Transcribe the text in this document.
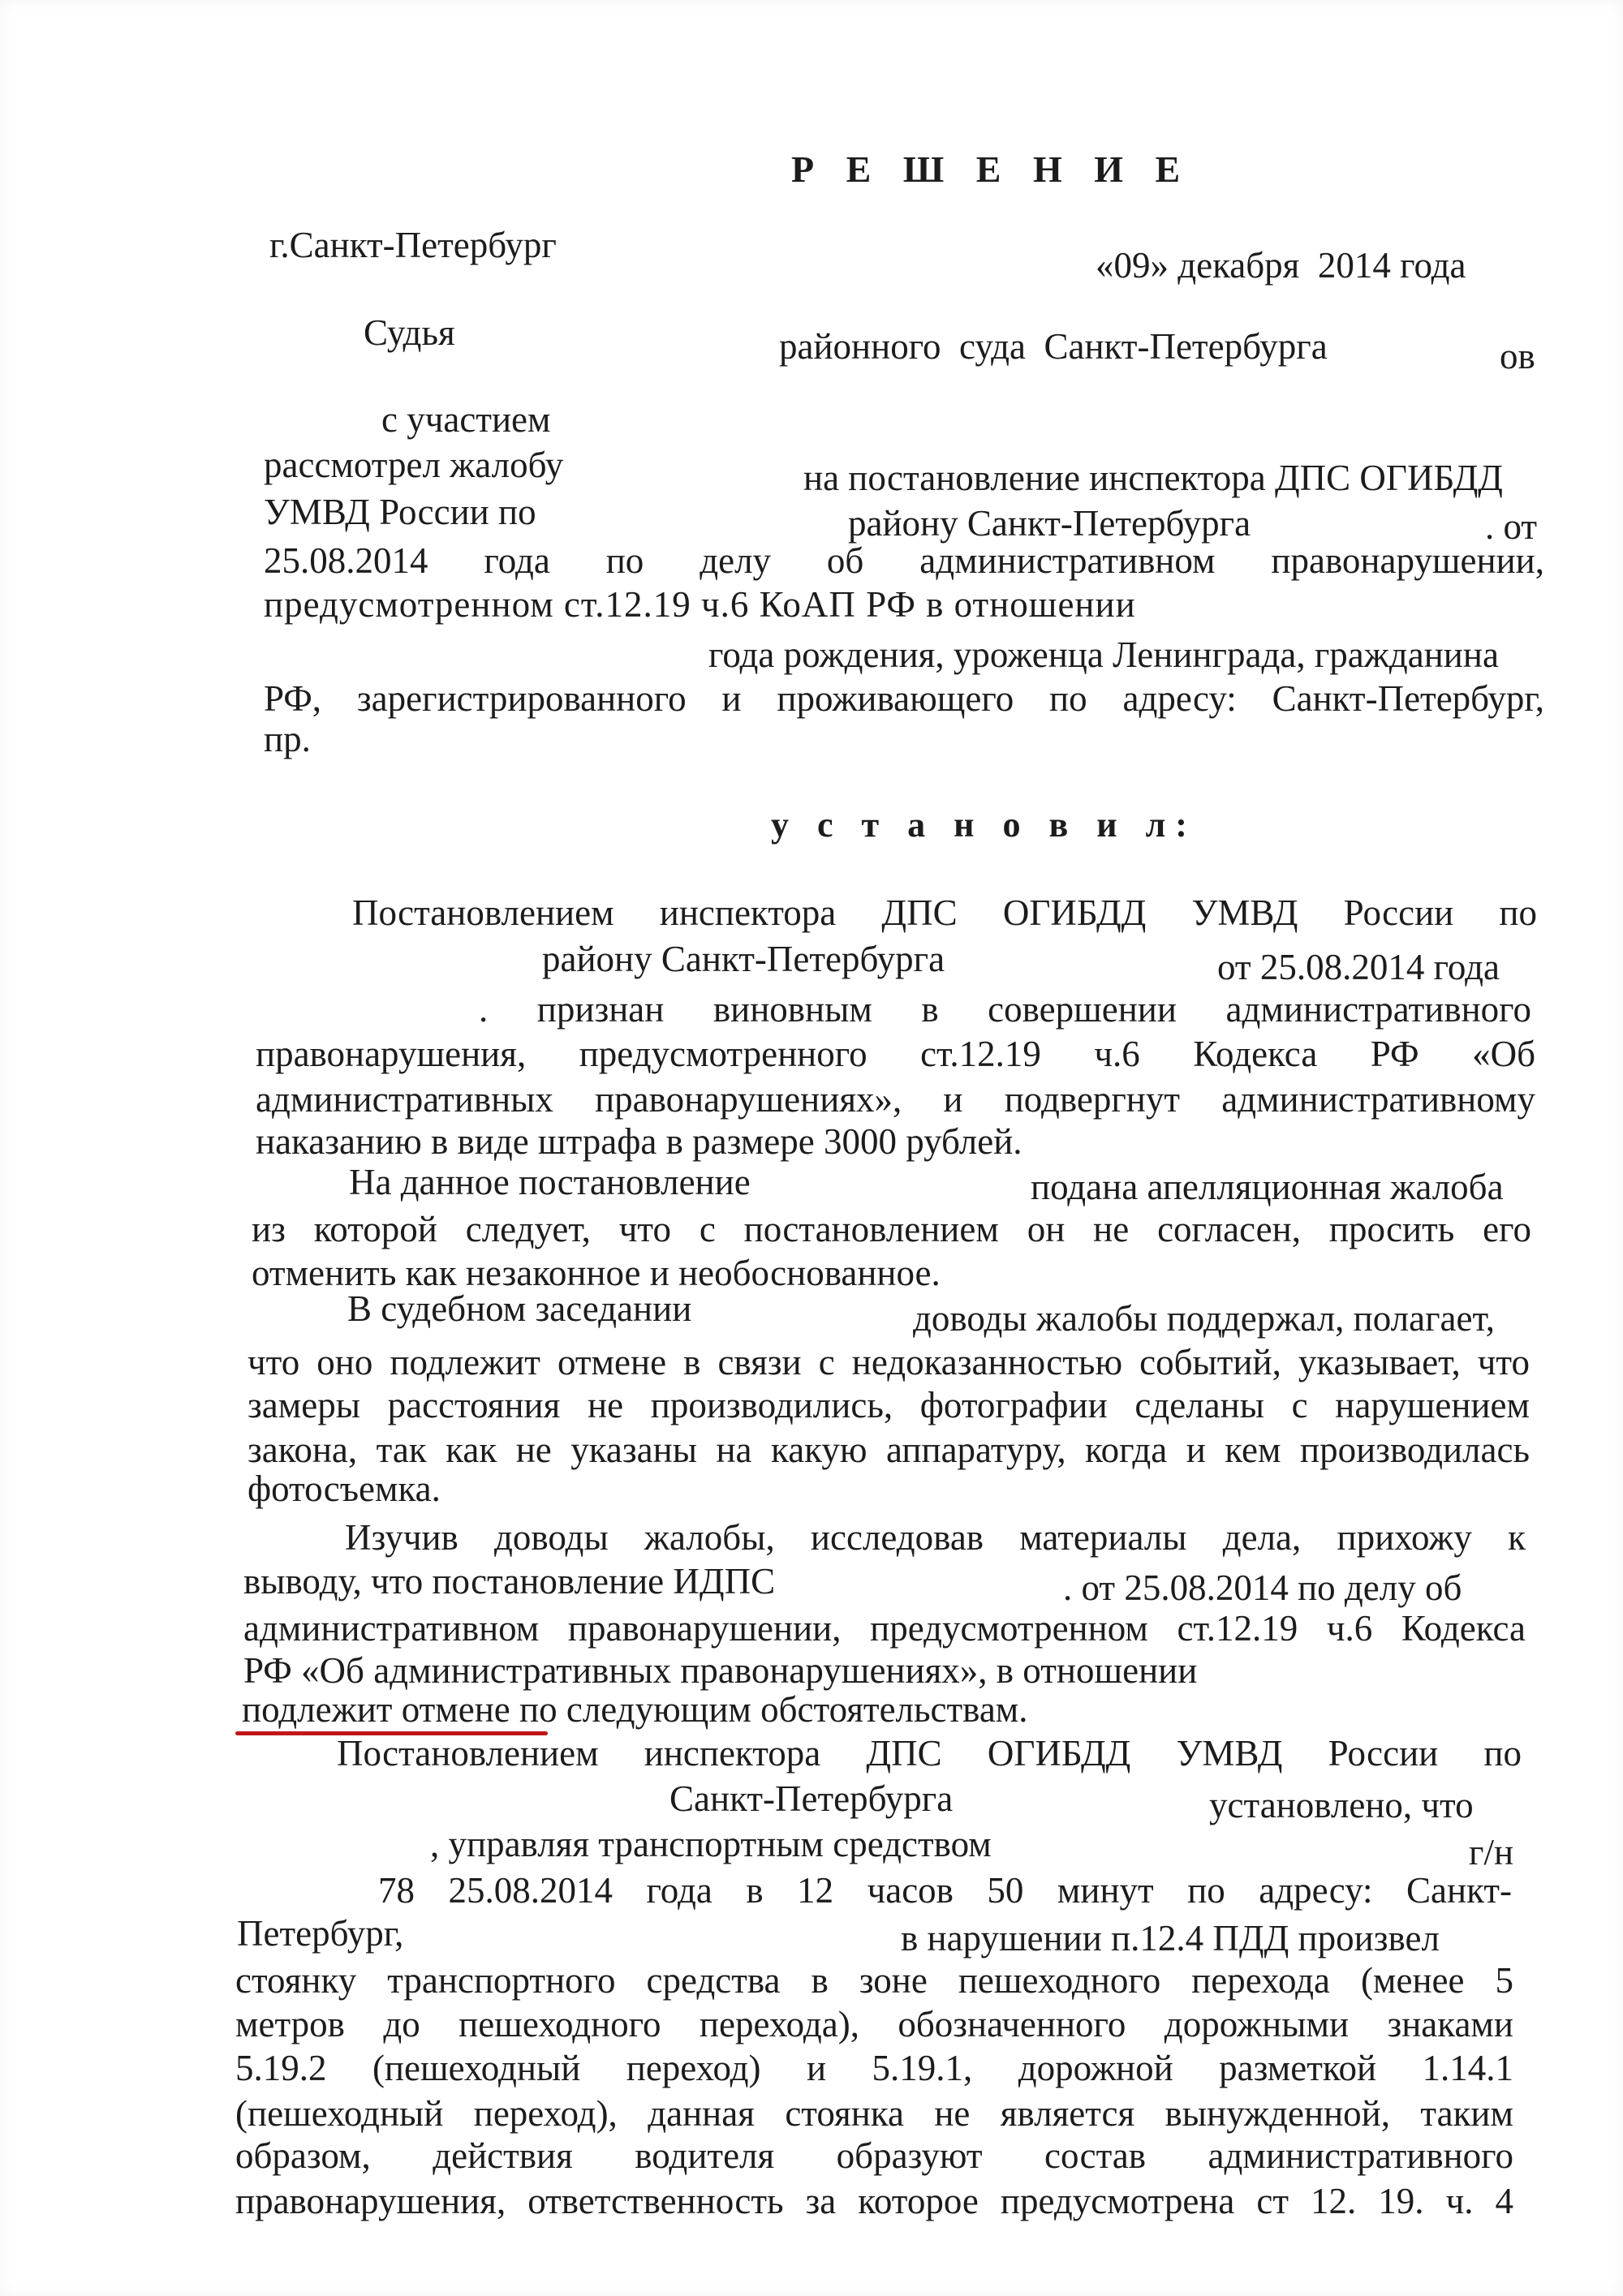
Р Е Ш Е Н И Е
г.Санкт-Петербург	«09» декабря  2014 года
Судья	районного  суда  Санкт-Петербурга	ов
с участием
рассмотрел жалобу	на постановление инспектора ДПС ОГИБДД
УМВД России по	району Санкт-Петербурга	. от
25.08.2014 года по делу об административном правонарушении,
предусмотренном ст.12.19 ч.6 КоАП РФ в отношении
года рождения, уроженца Ленинграда, гражданина
РФ, зарегистрированного и проживающего по адресу: Санкт-Петербург,
пр.
у с т а н о в и л:
Постановлением инспектора ДПС ОГИБДД УМВД России по
району Санкт-Петербурга	от 25.08.2014 года
. признан виновным в совершении административного
правонарушения, предусмотренного ст.12.19 ч.6 Кодекса РФ «Об
административных правонарушениях», и подвергнут административному
наказанию в виде штрафа в размере 3000 рублей.
На данное постановление	подана апелляционная жалоба
из которой следует, что с постановлением он не согласен, просить его
отменить как незаконное и необоснованное.
В судебном заседании	доводы жалобы поддержал, полагает,
что оно подлежит отмене в связи с недоказанностью событий, указывает, что
замеры расстояния не производились, фотографии сделаны с нарушением
закона, так как не указаны на какую аппаратуру, когда и кем производилась
фотосъемка.
Изучив доводы жалобы, исследовав материалы дела, прихожу к
выводу, что постановление ИДПС	. от 25.08.2014 по делу об
административном правонарушении, предусмотренном ст.12.19 ч.6 Кодекса
РФ «Об административных правонарушениях», в отношении
подлежит отмене по следующим обстоятельствам.
Постановлением инспектора ДПС ОГИБДД УМВД России по
Санкт-Петербурга	установлено, что
, управляя транспортным средством	г/н
78 25.08.2014 года в 12 часов 50 минут по адресу: Санкт-
Петербург,	в нарушении п.12.4 ПДД произвел
стоянку транспортного средства в зоне пешеходного перехода (менее 5
метров до пешеходного перехода), обозначенного дорожными знаками
5.19.2 (пешеходный переход) и 5.19.1, дорожной разметкой 1.14.1
(пешеходный переход), данная стоянка не является вынужденной, таким
образом, действия водителя образуют состав административного
правонарушения, ответственность за которое предусмотрена ст 12. 19. ч. 4
